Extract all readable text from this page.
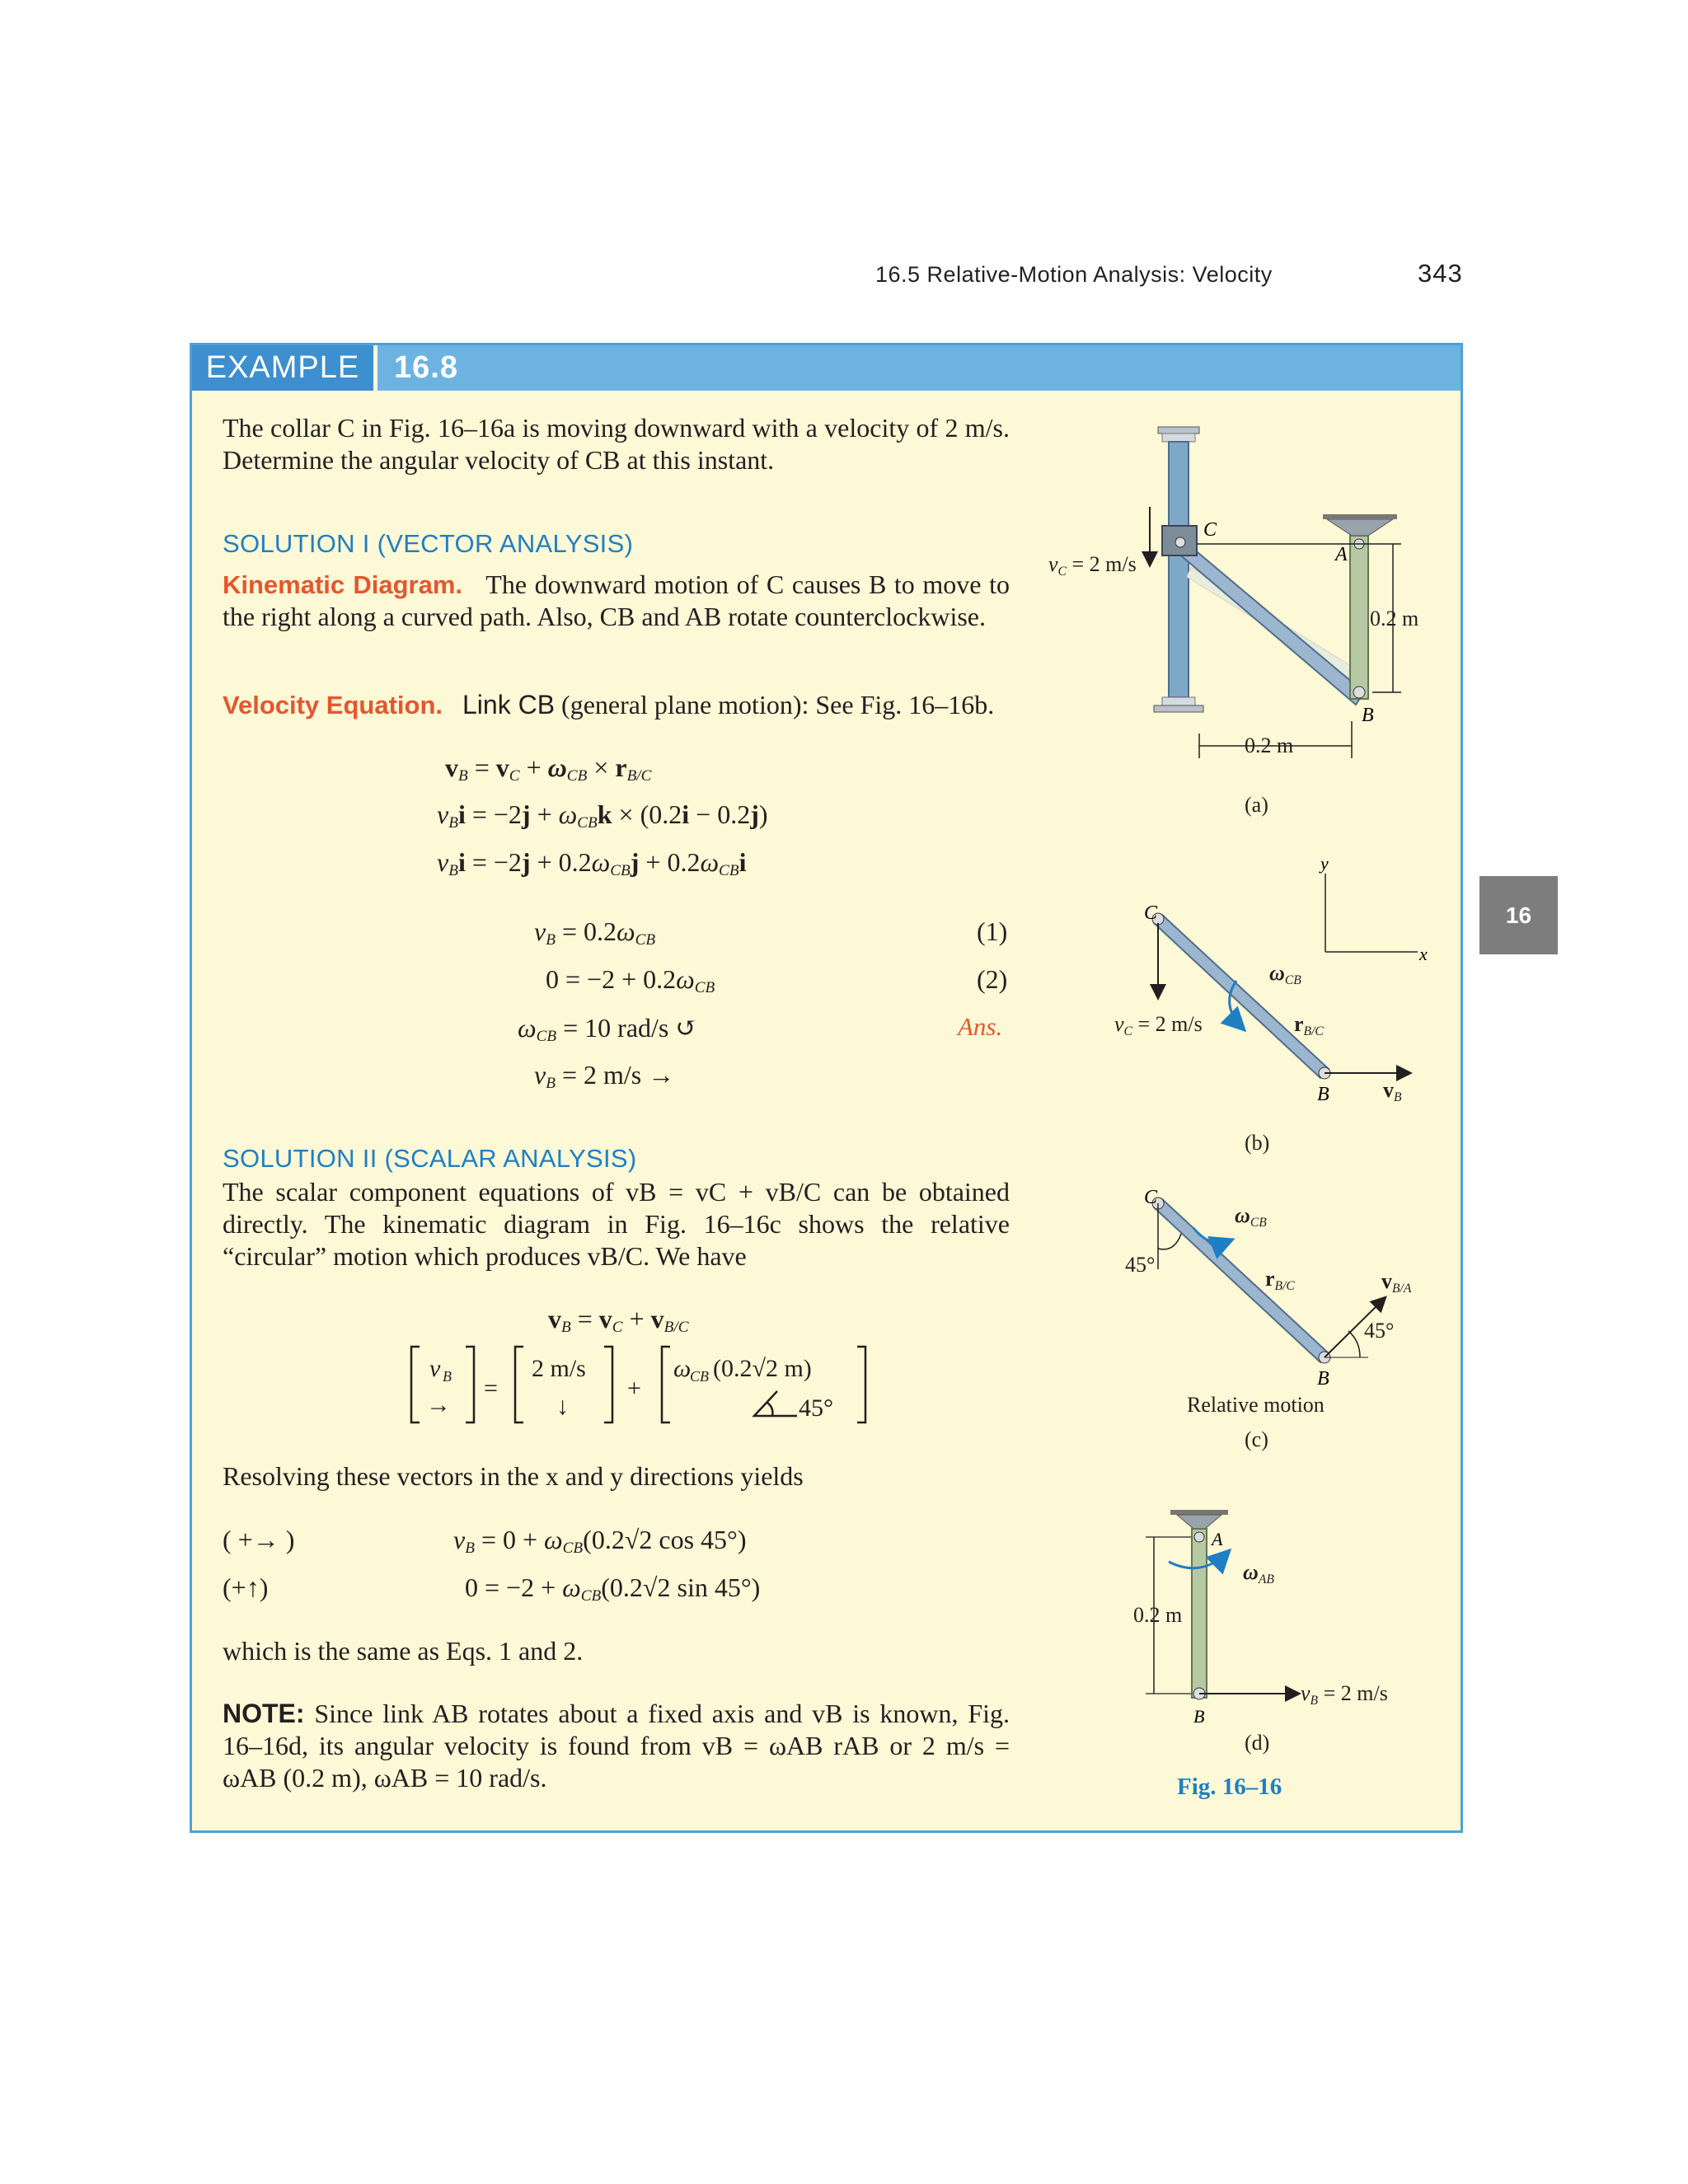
16.5 Relative-Motion Analysis: Velocity	343
EXAMPLE	16.8
The collar C in Fig. 16–16a is moving downward with a velocity of 2 m/s. Determine the angular velocity of CB at this instant.
SOLUTION I (VECTOR ANALYSIS)
Kinematic Diagram. The downward motion of C causes B to move to the right along a curved path. Also, CB and AB rotate counterclockwise.
Velocity Equation. Link CB (general plane motion): See Fig. 16–16b.
$v_B = v_C + \omega_{CB} \times r_{B/C}$
$v_Bi = -2j + \omega_{CB}k \times (0.2i - 0.2j)$
$v_Bi = -2j + 0.2\omega_{CB}j + 0.2\omega_{CB}i$
$v_B = 0.2\omega_{CB}$	(1)
$0 = -2 + 0.2\omega_{CB}$	(2)
$\omega_{CB} = 10$ rad/s ↺	Ans.
$v_B = 2$ m/s →
SOLUTION II (SCALAR ANALYSIS)
The scalar component equations of vB = vC + vB/C can be obtained directly. The kinematic diagram in Fig. 16–16c shows the relative “circular” motion which produces vB/C. We have
$v_B = v_C + v_{B/C}$
v B
→
=
2 m/s
↓
+
ω
CB (0.2√2 m)
45°
Resolving these vectors in the x and y directions yields
( +→ )	$v_B = 0 + \omega_{CB}(0.2√2$ cos 45°)
(+↑)	$0 = -2 + \omega_{CB}(0.2√2$ sin 45°)
which is the same as Eqs. 1 and 2.
NOTE: Since link AB rotates about a fixed axis and vB is known, Fig. 16–16d, its angular velocity is found from vB = ωAB rAB or 2 m/s = ωAB (0.2 m), ωAB = 10 rad/s.
C
A
B
C
B
y
x
C
B
A
B
$v_C = 2$ m/s
0.2 m
0.2 m
(a)
$v_C = 2$ m/s
$\omega_{CB}$
$r_{B/C}$
$v_B$
(b)
$\omega_{CB}$
45°
$r_{B/C}$	$v_{B/A}$
45°
Relative motion
(c)
$\omega_{AB}$
0.2 m
$v_B = 2$ m/s
(d)
Fig. 16–16
16
